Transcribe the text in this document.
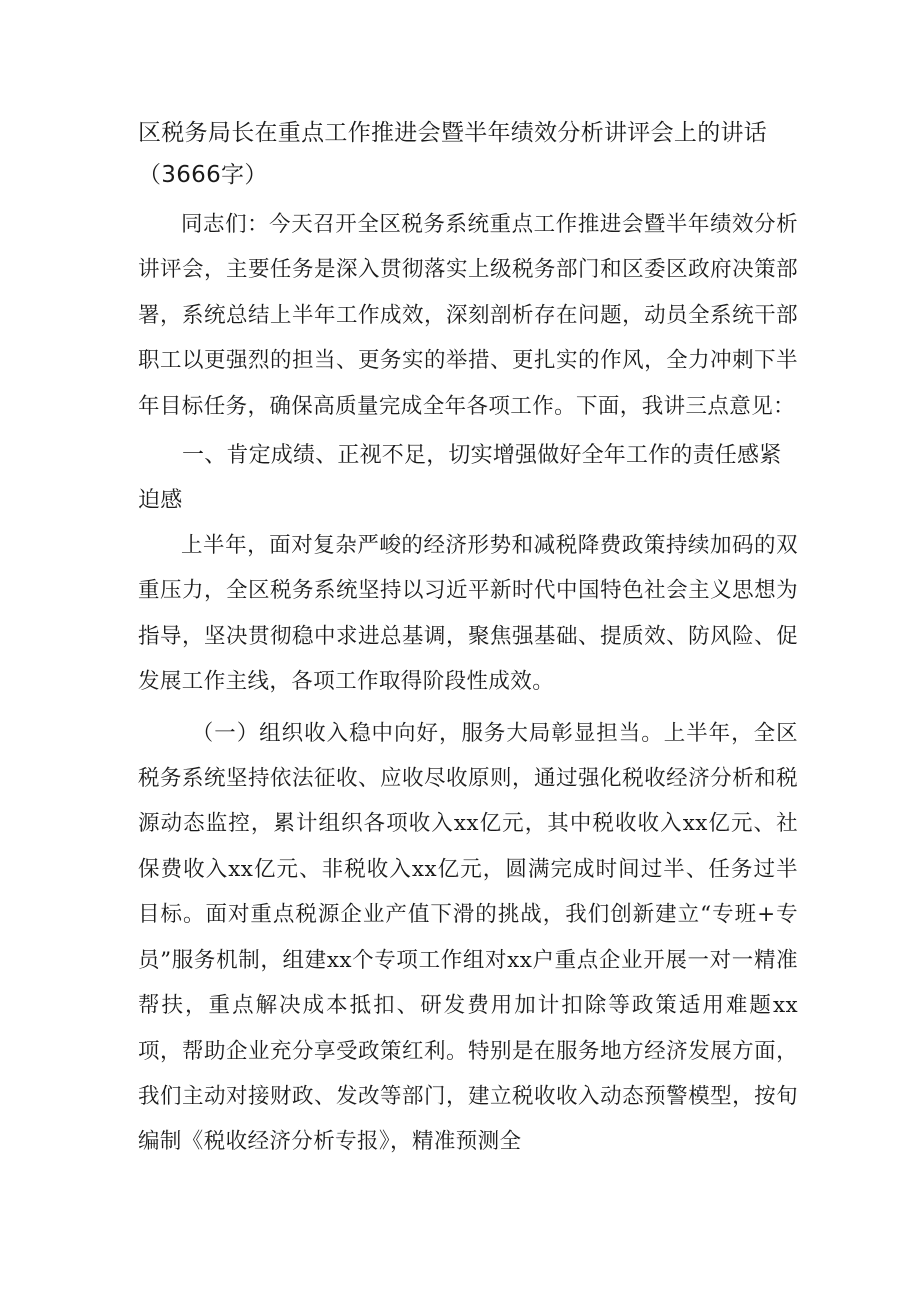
区税务局长在重点工作推进会暨半年绩效分析讲评会上的讲话（3666字）

同志们：今天召开全区税务系统重点工作推进会暨半年绩效分析讲评会，主要任务是深入贯彻落实上级税务部门和区委区政府决策部署，系统总结上半年工作成效，深刻剖析存在问题，动员全系统干部职工以更强烈的担当、更务实的举措、更扎实的作风，全力冲刺下半年目标任务，确保高质量完成全年各项工作。下面，我讲三点意见：

一、肯定成绩、正视不足，切实增强做好全年工作的责任感紧迫感

上半年，面对复杂严峻的经济形势和减税降费政策持续加码的双重压力，全区税务系统坚持以习近平新时代中国特色社会主义思想为指导，坚决贯彻稳中求进总基调，聚焦强基础、提质效、防风险、促发展工作主线，各项工作取得阶段性成效。

（一）组织收入稳中向好，服务大局彰显担当。上半年，全区税务系统坚持依法征收、应收尽收原则，通过强化税收经济分析和税源动态监控，累计组织各项收入xx亿元，其中税收收入xx亿元、社保费收入xx亿元、非税收入xx亿元，圆满完成时间过半、任务过半目标。面对重点税源企业产值下滑的挑战，我们创新建立“专班+专员”服务机制，组建xx个专项工作组对xx户重点企业开展一对一精准帮扶，重点解决成本抵扣、研发费用加计扣除等政策适用难题xx项，帮助企业充分享受政策红利。特别是在服务地方经济发展方面，我们主动对接财政、发改等部门，建立税收收入动态预警模型，按旬编制《税收经济分析专报》，精准预测全
